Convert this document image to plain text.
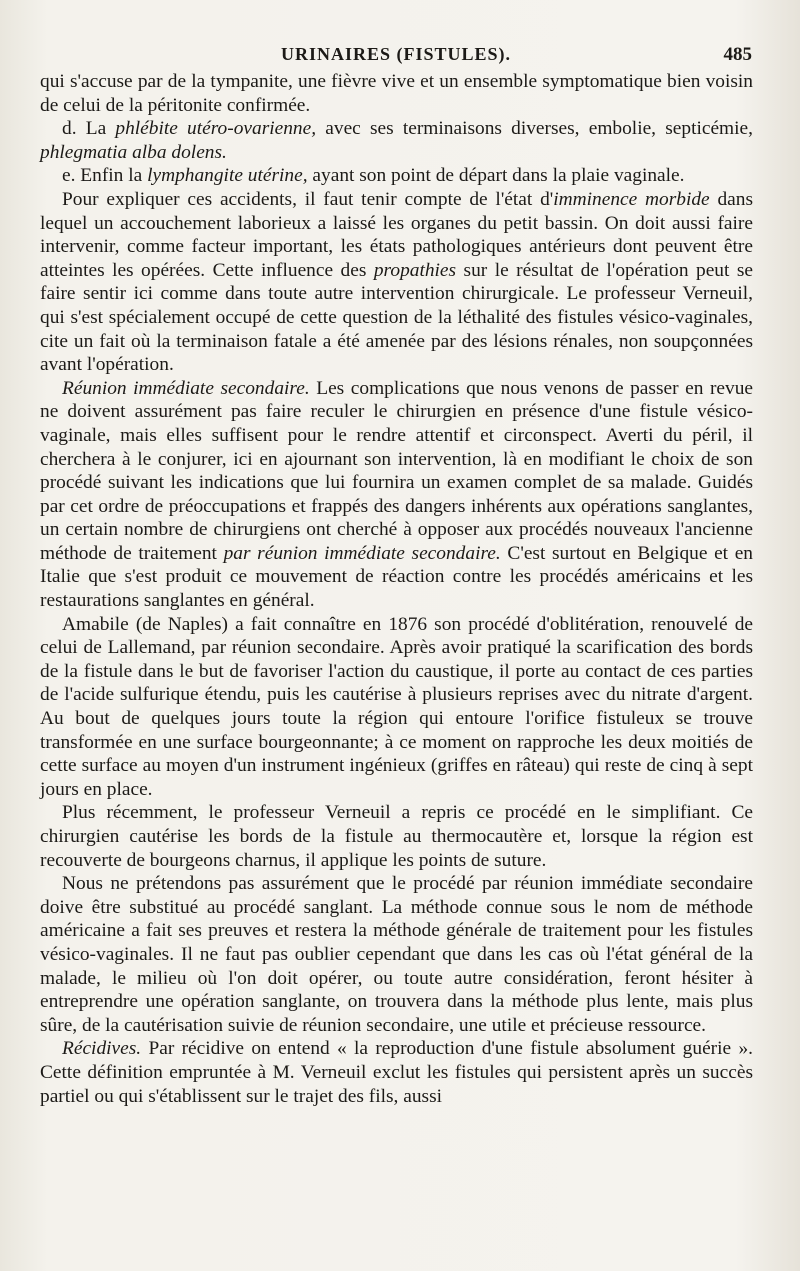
URINAIRES (FISTULES).	485

qui s'accuse par de la tympanite, une fièvre vive et un ensemble symptomatique bien voisin de celui de la péritonite confirmée.

d. La phlébite utéro-ovarienne, avec ses terminaisons diverses, embolie, septicémie, phlegmatia alba dolens.

e. Enfin la lymphangite utérine, ayant son point de départ dans la plaie vaginale.

Pour expliquer ces accidents, il faut tenir compte de l'état d'imminence morbide dans lequel un accouchement laborieux a laissé les organes du petit bassin. On doit aussi faire intervenir, comme facteur important, les états pathologiques antérieurs dont peuvent être atteintes les opérées. Cette influence des propathies sur le résultat de l'opération peut se faire sentir ici comme dans toute autre intervention chirurgicale. Le professeur Verneuil, qui s'est spécialement occupé de cette question de la léthalité des fistules vésico-vaginales, cite un fait où la terminaison fatale a été amenée par des lésions rénales, non soupçonnées avant l'opération.

Réunion immédiate secondaire. Les complications que nous venons de passer en revue ne doivent assurément pas faire reculer le chirurgien en présence d'une fistule vésico-vaginale, mais elles suffisent pour le rendre attentif et circonspect. Averti du péril, il cherchera à le conjurer, ici en ajournant son intervention, là en modifiant le choix de son procédé suivant les indications que lui fournira un examen complet de sa malade. Guidés par cet ordre de préoccupations et frappés des dangers inhérents aux opérations sanglantes, un certain nombre de chirurgiens ont cherché à opposer aux procédés nouveaux l'ancienne méthode de traitement par réunion immédiate secondaire. C'est surtout en Belgique et en Italie que s'est produit ce mouvement de réaction contre les procédés américains et les restaurations sanglantes en général.

Amabile (de Naples) a fait connaître en 1876 son procédé d'oblitération, renouvelé de celui de Lallemand, par réunion secondaire. Après avoir pratiqué la scarification des bords de la fistule dans le but de favoriser l'action du caustique, il porte au contact de ces parties de l'acide sulfurique étendu, puis les cautérise à plusieurs reprises avec du nitrate d'argent. Au bout de quelques jours toute la région qui entoure l'orifice fistuleux se trouve transformée en une surface bourgeonnante; à ce moment on rapproche les deux moitiés de cette surface au moyen d'un instrument ingénieux (griffes en râteau) qui reste de cinq à sept jours en place.

Plus récemment, le professeur Verneuil a repris ce procédé en le simplifiant. Ce chirurgien cautérise les bords de la fistule au thermocautère et, lorsque la région est recouverte de bourgeons charnus, il applique les points de suture.

Nous ne prétendons pas assurément que le procédé par réunion immédiate secondaire doive être substitué au procédé sanglant. La méthode connue sous le nom de méthode américaine a fait ses preuves et restera la méthode générale de traitement pour les fistules vésico-vaginales. Il ne faut pas oublier cependant que dans les cas où l'état général de la malade, le milieu où l'on doit opérer, ou toute autre considération, feront hésiter à entreprendre une opération sanglante, on trouvera dans la méthode plus lente, mais plus sûre, de la cautérisation suivie de réunion secondaire, une utile et précieuse ressource.

Récidives. Par récidive on entend « la reproduction d'une fistule absolument guérie ». Cette définition empruntée à M. Verneuil exclut les fistules qui persistent après un succès partiel ou qui s'établissent sur le trajet des fils, aussi
